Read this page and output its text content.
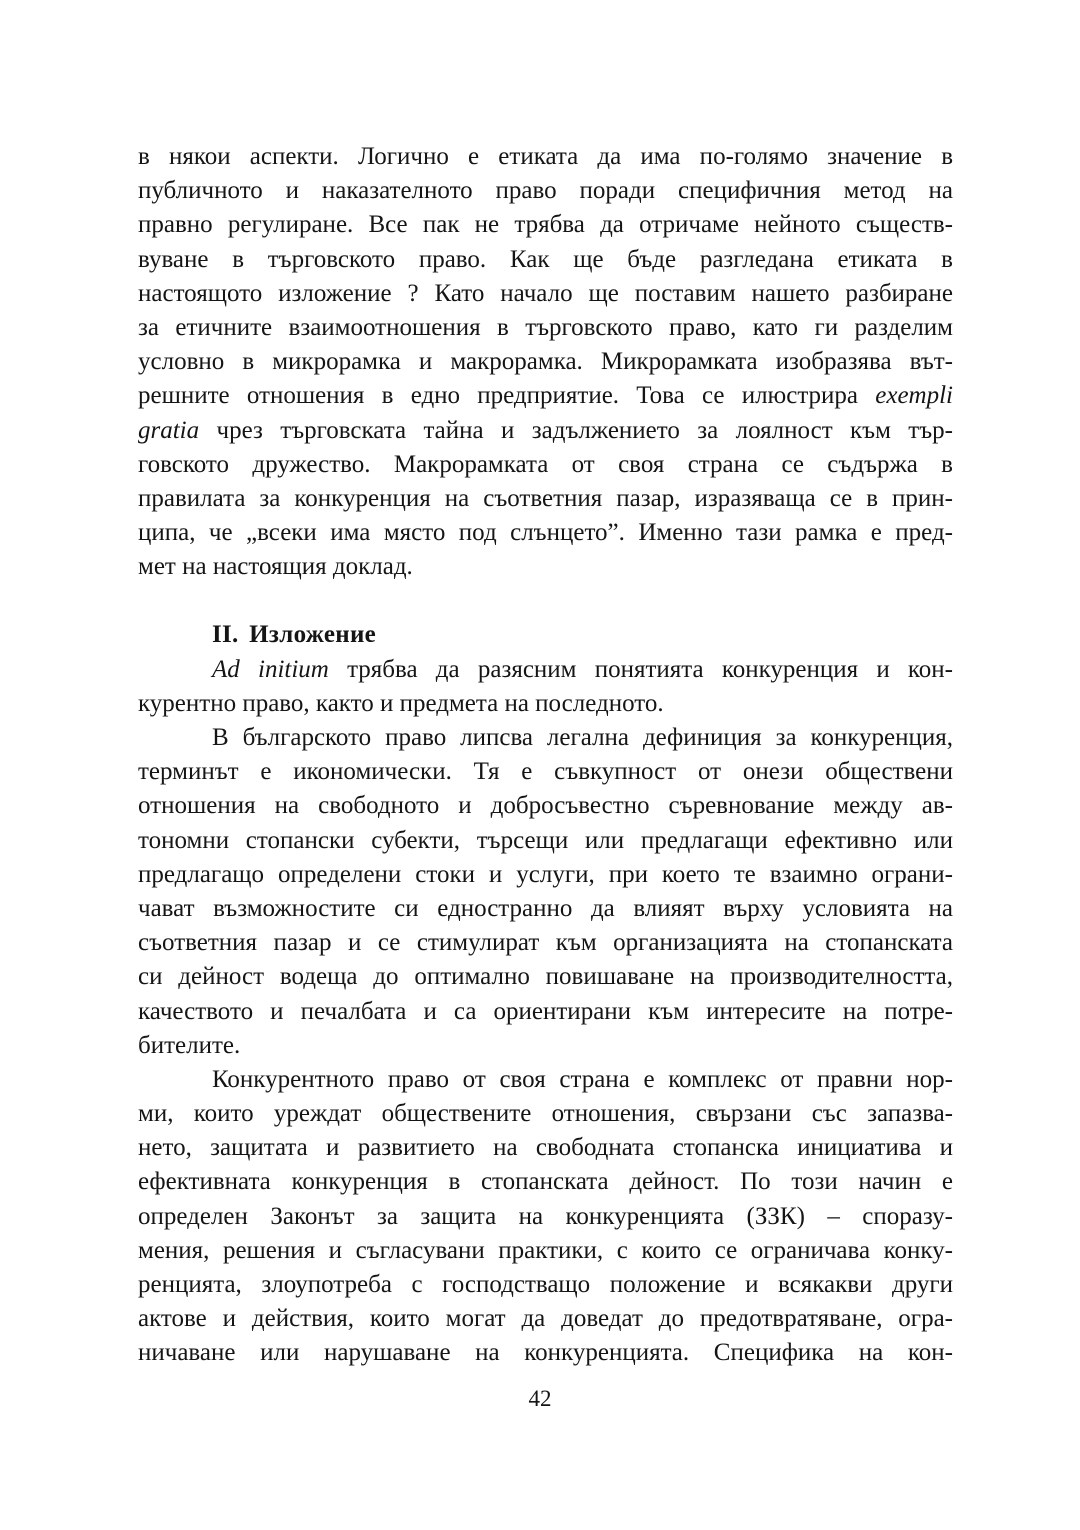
в някои аспекти. Логично е етиката да има по-голямо значение в
публичното и наказателното право поради специфичния метод на
правно регулиране. Все пак не трябва да отричаме нейното съществ-
вуване в търговското право. Как ще бъде разгледана етиката в
настоящото изложение ? Като начало ще поставим нашето разбиране
за етичните взаимоотношения в търговското право, като ги разделим
условно в микрорамка и макрорамка. Микрорамката изобразява вът-
решните отношения в едно предприятие. Това се илюстрира exempli
gratia чрез търговската тайна и задължението за лоялност към тър-
говското дружество. Макрорамката от своя страна се съдържа в
правилата за конкуренция на съответния пазар, изразяваща се в прин-
ципа, че „всеки има място под слънцето”. Именно тази рамка е пред-
мет на настоящия доклад.
II. Изложение
Ad initium трябва да разясним понятията конкуренция и кон-
курентно право, както и предмета на последното.
В българското право липсва легална дефиниция за конкуренция,
терминът е икономически. Тя е съвкупност от онези обществени
отношения на свободното и добросъвестно съревнование между ав-
тономни стопански субекти, търсещи или предлагащи ефективно или
предлагащо определени стоки и услуги, при което те взаимно ограни-
чават възможностите си едностранно да влияят върху условията на
съответния пазар и се стимулират към организацията на стопанската
си дейност водеща до оптимално повишаване на производителността,
качеството и печалбата и са ориентирани към интересите на потре-
бителите.
Конкурентното право от своя страна е комплекс от правни нор-
ми, които уреждат обществените отношения, свързани със запазва-
нето, защитата и развитието на свободната стопанска инициатива и
ефективната конкуренция в стопанската дейност. По този начин е
определен Законът за защита на конкуренцията (ЗЗК) – споразу-
мения, решения и съгласувани практики, с които се ограничава конку-
ренцията, злоупотреба с господстващо положение и всякакви други
актове и действия, които могат да доведат до предотвратяване, огра-
ничаване или нарушаване на конкуренцията. Специфика на кон-
42
